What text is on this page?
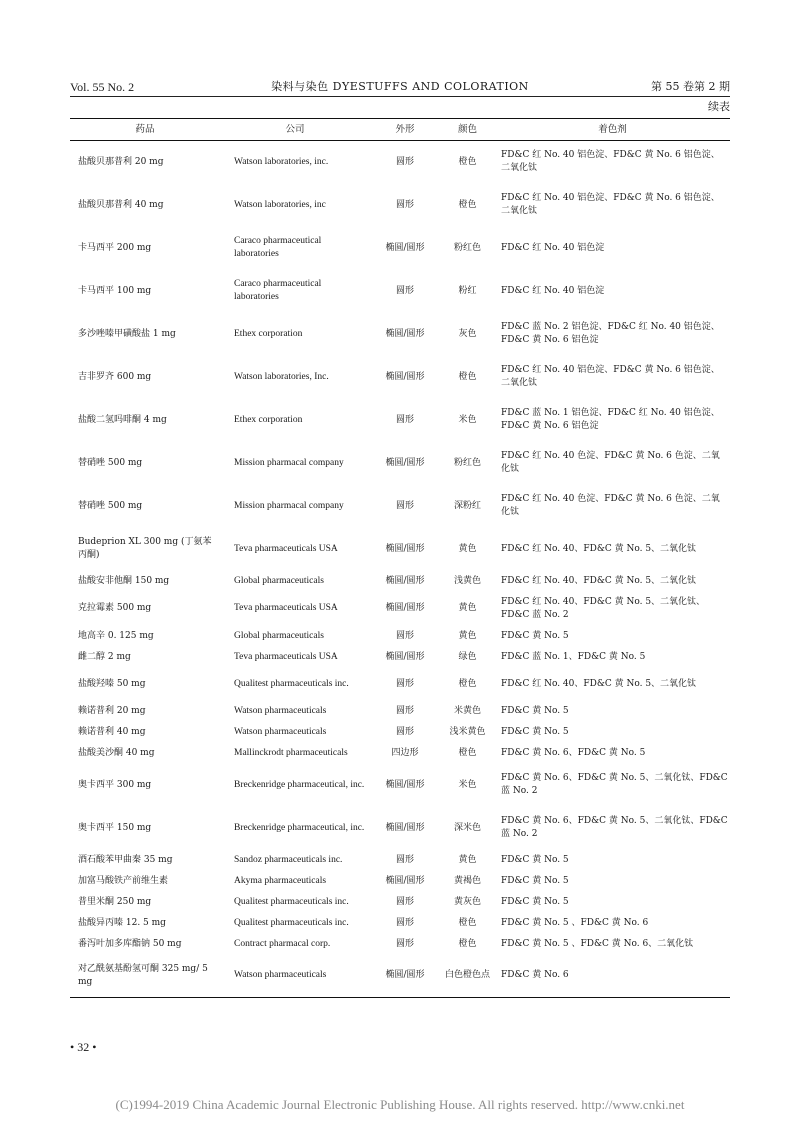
Vol. 55 No. 2	染料与染色 DYESTUFFS AND COLORATION	第 55 卷第 2 期
续表
药品	公司	外形	颜色	着色剂
盐酸贝那普利 20 mg	Watson laboratories, inc.	圆形	橙色	FD&C 红 No. 40 铝色淀、FD&C 黄 No. 6 铝色淀、二氧化钛
盐酸贝那普利 40 mg	Watson laboratories, inc	圆形	橙色	FD&C 红 No. 40 铝色淀、FD&C 黄 No. 6 铝色淀、二氧化钛
卡马西平 200 mg	Caraco pharmaceutical laboratories	椭圆/圆形	粉红色	FD&C 红 No. 40 铝色淀
卡马西平 100 mg	Caraco pharmaceutical laboratories	圆形	粉红	FD&C 红 No. 40 铝色淀
多沙唑嗪甲磺酸盐 1 mg	Ethex corporation	椭圆/圆形	灰色	FD&C 蓝 No. 2 铝色淀、FD&C 红 No. 40 铝色淀、FD&C 黄 No. 6 铝色淀
吉非罗齐 600 mg	Watson laboratories, Inc.	椭圆/圆形	橙色	FD&C 红 No. 40 铝色淀、FD&C 黄 No. 6 铝色淀、二氧化钛
盐酸二氢吗啡酮 4 mg	Ethex corporation	圆形	米色	FD&C 蓝 No. 1 铝色淀、FD&C 红 No. 40 铝色淀、FD&C 黄 No. 6 铝色淀
替硝唑 500 mg	Mission pharmacal company	椭圆/圆形	粉红色	FD&C 红 No. 40 色淀、FD&C 黄 No. 6 色淀、二氧化钛
替硝唑 500 mg	Mission pharmacal company	圆形	深粉红	FD&C 红 No. 40 色淀、FD&C 黄 No. 6 色淀、二氧化钛
Budeprion XL 300 mg (丁氨苯丙酮)	Teva pharmaceuticals USA	椭圆/圆形	黄色	FD&C 红 No. 40、FD&C 黄 No. 5、二氧化钛
盐酸安非他酮 150 mg	Global pharmaceuticals	椭圆/圆形	浅黄色	FD&C 红 No. 40、FD&C 黄 No. 5、二氧化钛
克拉霉素 500 mg	Teva pharmaceuticals USA	椭圆/圆形	黄色	FD&C 红 No. 40、FD&C 黄 No. 5、二氧化钛、FD&C 蓝 No. 2
地高辛 0. 125 mg	Global pharmaceuticals	圆形	黄色	FD&C 黄 No. 5
雌二醇 2 mg	Teva pharmaceuticals USA	椭圆/圆形	绿色	FD&C 蓝 No. 1、FD&C 黄 No. 5
盐酸羟嗪 50 mg	Qualitest pharmaceuticals inc.	圆形	橙色	FD&C 红 No. 40、FD&C 黄 No. 5、二氧化钛
赖诺普利 20 mg	Watson pharmaceuticals	圆形	米黄色	FD&C 黄 No. 5
赖诺普利 40 mg	Watson pharmaceuticals	圆形	浅米黄色	FD&C 黄 No. 5
盐酸美沙酮 40 mg	Mallinckrodt pharmaceuticals	四边形	橙色	FD&C 黄 No. 6、FD&C 黄 No. 5
奥卡西平 300 mg	Breckenridge pharmaceutical, inc.	椭圆/圆形	米色	FD&C 黄 No. 6、FD&C 黄 No. 5、二氧化钛、FD&C 蓝 No. 2
奥卡西平 150 mg	Breckenridge pharmaceutical, inc.	椭圆/圆形	深米色	FD&C 黄 No. 6、FD&C 黄 No. 5、二氧化钛、FD&C 蓝 No. 2
酒石酸苯甲曲秦 35 mg	Sandoz pharmaceuticals inc.	圆形	黄色	FD&C 黄 No. 5
加富马酸铁产前维生素	Akyma pharmaceuticals	椭圆/圆形	黄褐色	FD&C 黄 No. 5
普里米酮 250 mg	Qualitest pharmaceuticals inc.	圆形	黄灰色	FD&C 黄 No. 5
盐酸异丙嗪 12. 5 mg	Qualitest pharmaceuticals inc.	圆形	橙色	FD&C 黄 No. 5 、FD&C 黄 No. 6
番泻叶加多库酯钠 50 mg	Contract pharmacal corp.	圆形	橙色	FD&C 黄 No. 5 、FD&C 黄 No. 6、二氧化钛
对乙酰氨基酚氢可酮 325 mg/ 5 mg	Watson pharmaceuticals	椭圆/圆形	白色橙色点	FD&C 黄 No. 6
• 32 •
(C)1994-2019 China Academic Journal Electronic Publishing House. All rights reserved. http://www.cnki.net
